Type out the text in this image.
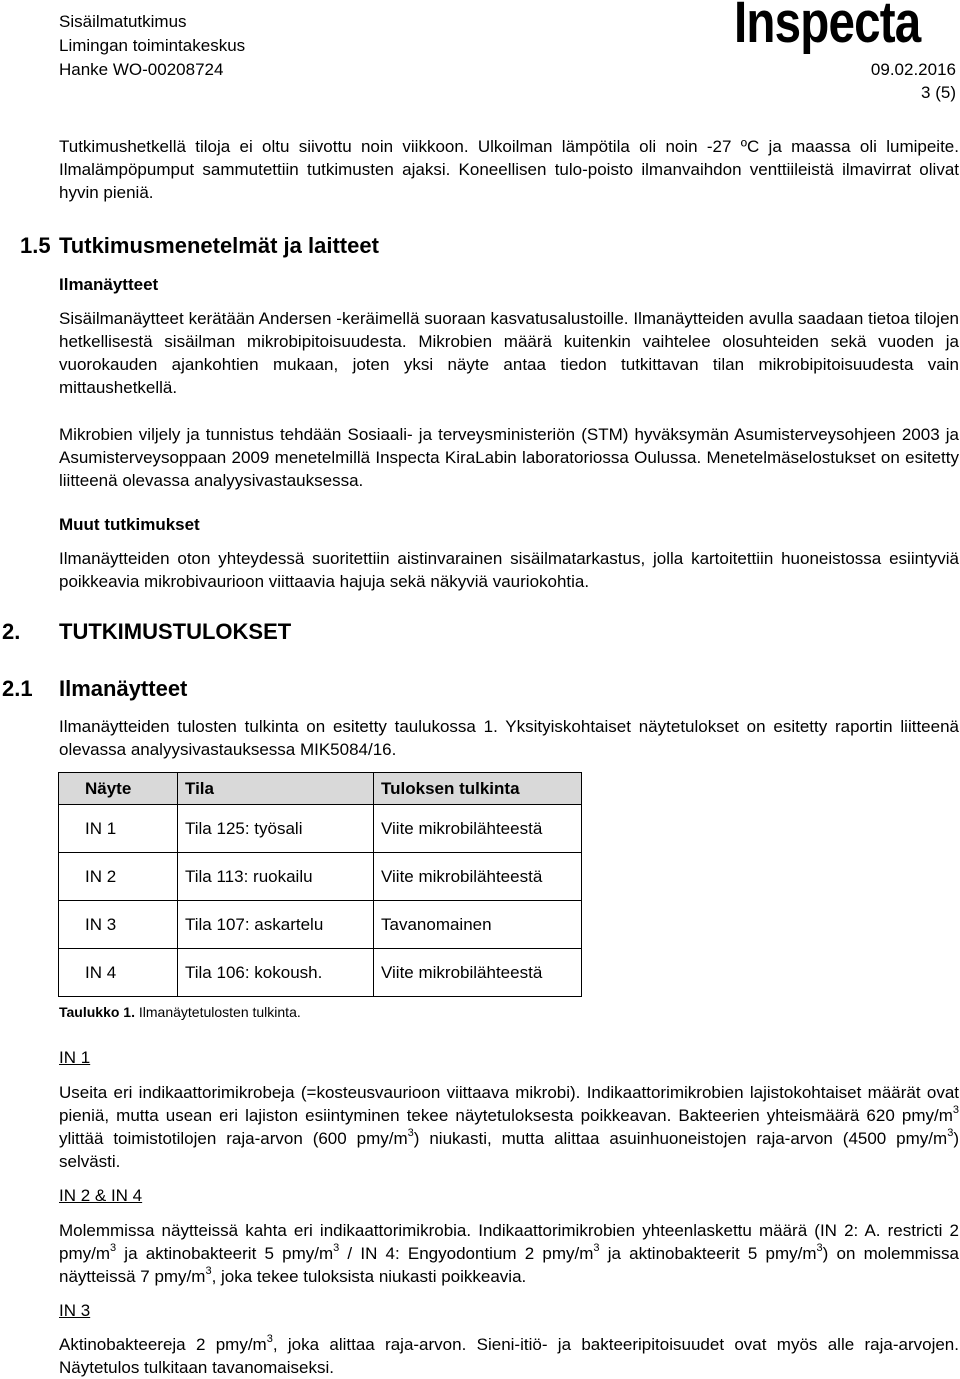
Sisäilmatutkimus
Limingan toimintakeskus
Hanke WO-00208724
Inspecta
09.02.2016
3 (5)

Tutkimushetkellä tiloja ei oltu siivottu noin viikkoon. Ulkoilman lämpötila oli noin -27 ºC ja maassa oli lumipeite. Ilmalämpöpumput sammutettiin tutkimusten ajaksi. Koneellisen tulo-poisto ilmanvaihdon venttiileistä ilmavirrat olivat hyvin pieniä.

1.5 Tutkimusmenetelmät ja laitteet
Ilmanäytteet

Sisäilmanäytteet kerätään Andersen -keräimellä suoraan kasvatusalustoille. Ilmanäytteiden avulla saadaan tietoa tilojen hetkellisestä sisäilman mikrobipitoisuudesta. Mikrobien määrä kuitenkin vaihtelee olosuhteiden sekä vuoden ja vuorokauden ajankohtien mukaan, joten yksi näyte antaa tiedon tutkittavan tilan mikrobipitoisuudesta vain mittaushetkellä.

Mikrobien viljely ja tunnistus tehdään Sosiaali- ja terveysministeriön (STM) hyväksymän Asumisterveysohjeen 2003 ja Asumisterveysoppaan 2009 menetelmillä Inspecta KiraLabin laboratoriossa Oulussa. Menetelmäselostukset on esitetty liitteenä olevassa analyysivastauksessa.

Muut tutkimukset

Ilmanäytteiden oton yhteydessä suoritettiin aistinvarainen sisäilmatarkastus, jolla kartoitettiin huoneistossa esiintyviä poikkeavia mikrobivaurioon viittaavia hajuja sekä näkyviä vauriokohtia.

2. TUTKIMUSTULOKSET
2.1 Ilmanäytteet

Ilmanäytteiden tulosten tulkinta on esitetty taulukossa 1. Yksityiskohtaiset näytetulokset on esitetty raportin liitteenä olevassa analyysivastauksessa MIK5084/16.

Näyte	Tila	Tuloksen tulkinta
IN 1	Tila 125: työsali	Viite mikrobilähteestä
IN 2	Tila 113: ruokailu	Viite mikrobilähteestä
IN 3	Tila 107: askartelu	Tavanomainen
IN 4	Tila 106: kokoush.	Viite mikrobilähteestä
Taulukko 1. Ilmanäytetulosten tulkinta.
IN 1

Useita eri indikaattorimikrobeja (=kosteusvaurioon viittaava mikrobi). Indikaattorimikrobien lajistokohtaiset määrät ovat pieniä, mutta usean eri lajiston esiintyminen tekee näytetuloksesta poikkeavan. Bakteerien yhteismäärä 620 pmy/$m^3$ ylittää toimistotilojen raja-arvon (600 pmy/$m^3$) niukasti, mutta alittaa asuinhuoneistojen raja-arvon (4500 pmy/$m^3$) selvästi.

IN 2 & IN 4

Molemmissa näytteissä kahta eri indikaattorimikrobia. Indikaattorimikrobien yhteenlaskettu määrä (IN 2: A. restricti 2 pmy/$m^3$ ja aktinobakteerit 5 pmy/$m^3$ / IN 4: Engyodontium 2 pmy/$m^3$ ja aktinobakteerit 5 pmy/$m^3$) on molemmissa näytteissä 7 pmy/$m^3$, joka tekee tuloksista niukasti poikkeavia.

IN 3

Aktinobakteereja 2 pmy/$m^3$, joka alittaa raja-arvon. Sieni-itiö- ja bakteeripitoisuudet ovat myös alle raja-arvojen. Näytetulos tulkitaan tavanomaiseksi.
